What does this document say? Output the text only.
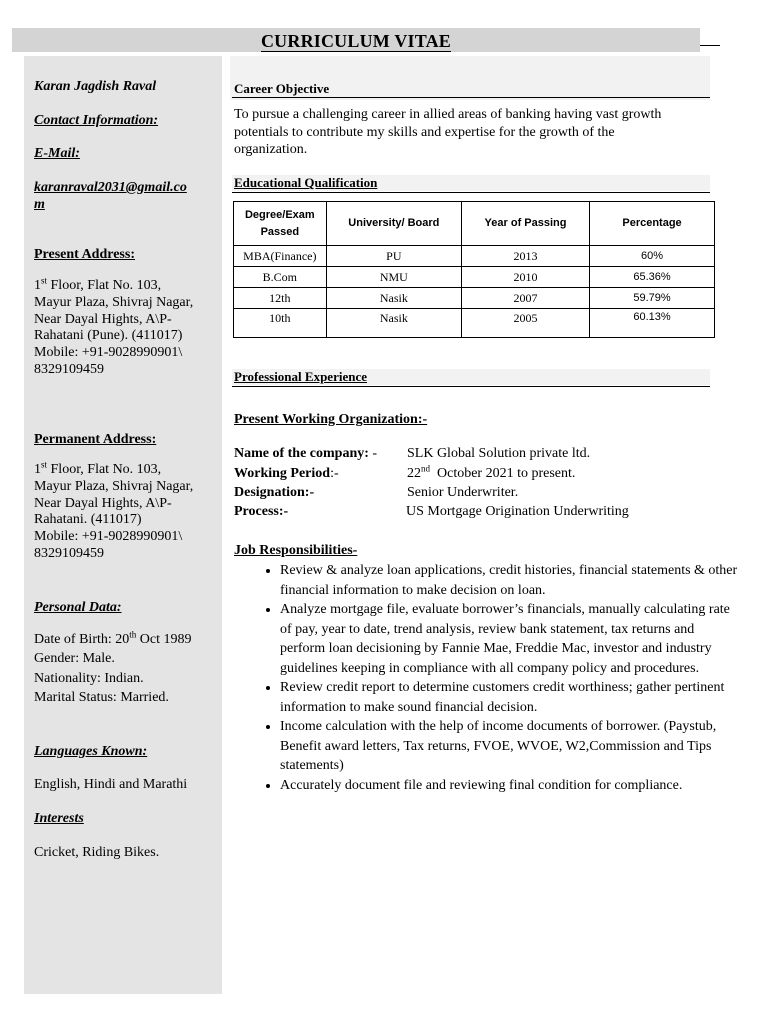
CURRICULUM VITAE
Karan Jagdish Raval
Contact Information:
E-Mail:
karanraval2031@gmail.co
m
Present Address:

1st Floor, Flat No. 103,

Mayur Plaza, Shivraj Nagar,

Near Dayal Hights, A\P-

Rahatani (Pune). (411017)

Mobile: +91-9028990901\

8329109459

Permanent Address:

1st Floor, Flat No. 103,

Mayur Plaza, Shivraj Nagar,

Near Dayal Hights, A\P-

Rahatani. (411017)

Mobile: +91-9028990901\

8329109459

Personal Data:

Date of Birth: 20th Oct 1989

Gender: Male.

Nationality: Indian.

Marital Status: Married.

Languages Known:
English, Hindi and Marathi
Interests
Cricket, Riding Bikes.
Career Objective
To pursue a challenging career in allied areas of banking having vast growth
potentials to contribute my skills and expertise for the growth of the
organization.
Educational Qualification
Degree/Exam
Passed	University/ Board	Year of Passing	Percentage
MBA(Finance)	PU	2013	60%
B.Com	NMU	2010	65.36%
12th	Nasik	2007	59.79%
10th	Nasik	2005	60.13%
Professional Experience
Present Working Organization:-
Name of the company: - SLK Global Solution private ltd.
Working Period:-	22nd  October 2021 to present.
Designation:-	Senior Underwriter.
Process:-	US Mortgage Origination Underwriting
Job Responsibilities-
• Review & analyze loan applications, credit histories, financial statements & other financial information to make decision on loan.
• Analyze mortgage file, evaluate borrower’s financials, manually calculating rate of pay, year to date, trend analysis, review bank statement, tax returns and perform loan decisioning by Fannie Mae, Freddie Mac, investor and industry guidelines keeping in compliance with all company policy and procedures.
• Review credit report to determine customers credit worthiness; gather pertinent information to make sound financial decision.
• Income calculation with the help of income documents of borrower. (Paystub, Benefit award letters, Tax returns, FVOE, WVOE, W2,Commission and Tips statements)
• Accurately document file and reviewing final condition for compliance.
